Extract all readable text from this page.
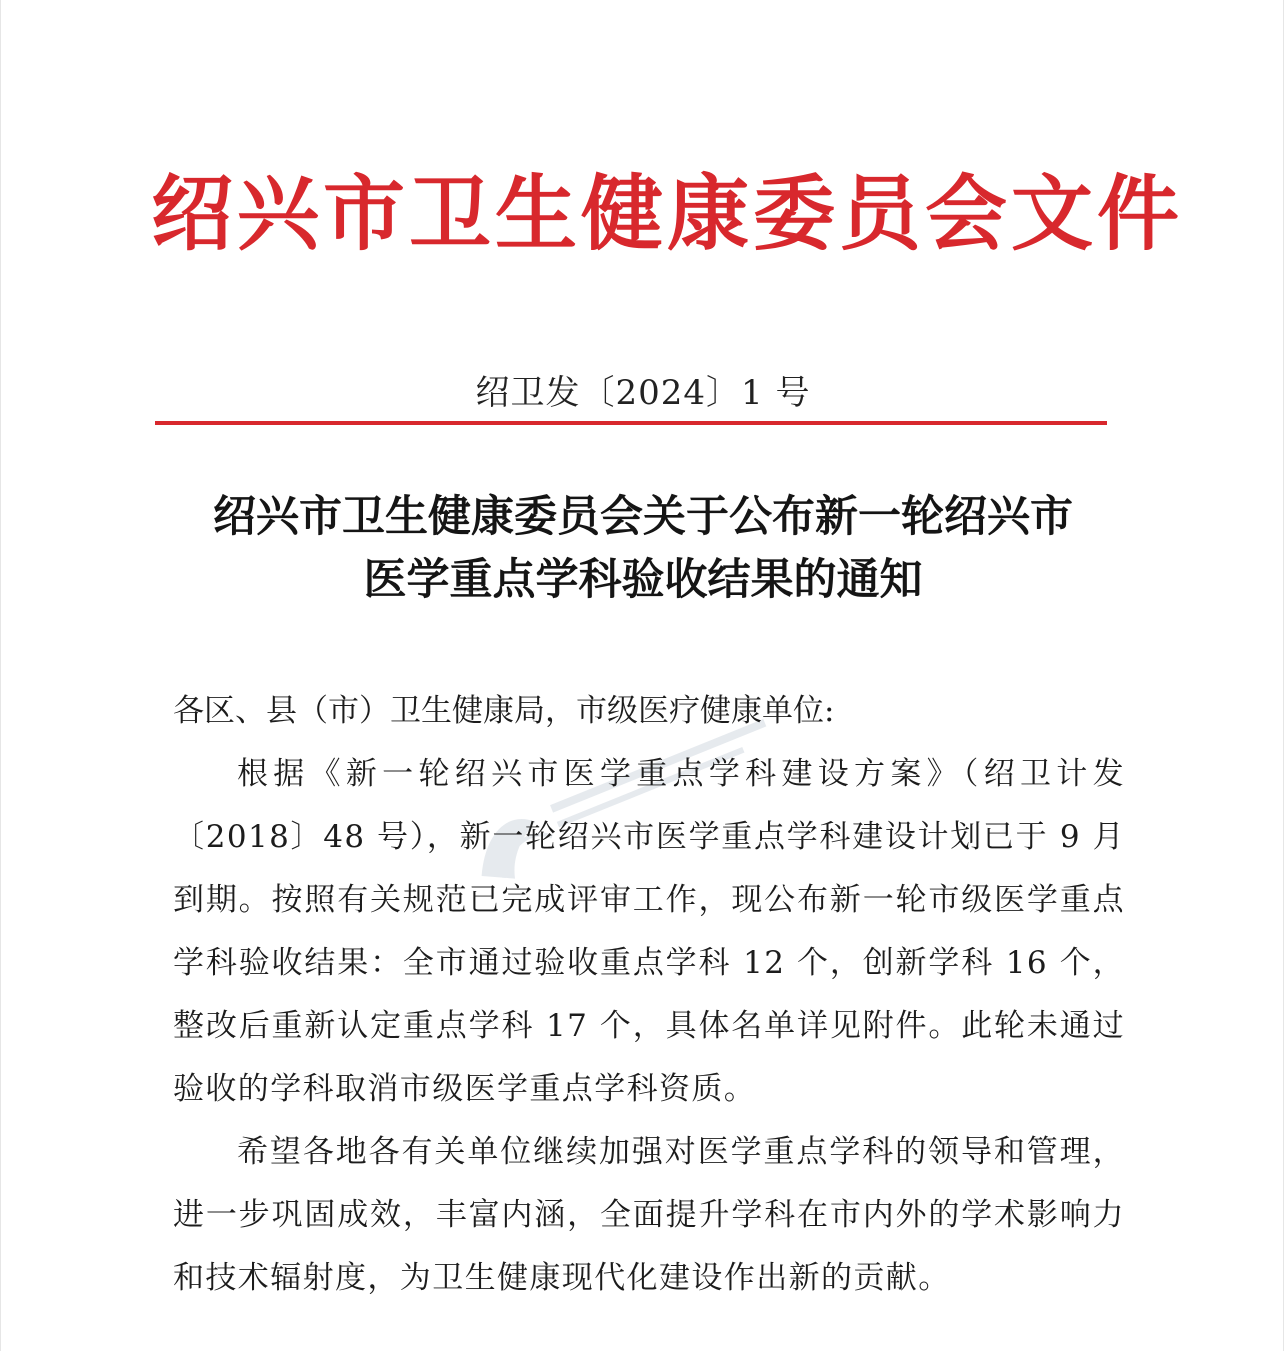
绍兴市卫生健康委员会文件
绍卫发〔2024〕1 号
绍兴市卫生健康委员会关于公布新一轮绍兴市
医学重点学科验收结果的通知

各区、县（市）卫生健康局，市级医疗健康单位:

根据《新一轮绍兴市医学重点学科建设方案》（绍卫计发〔2018〕48 号），新一轮绍兴市医学重点学科建设计划已于 9 月到期。按照有关规范已完成评审工作，现公布新一轮市级医学重点学科验收结果：全市通过验收重点学科 12 个，创新学科 16 个，整改后重新认定重点学科 17 个，具体名单详见附件。此轮未通过验收的学科取消市级医学重点学科资质。

希望各地各有关单位继续加强对医学重点学科的领导和管理，进一步巩固成效，丰富内涵，全面提升学科在市内外的学术影响力和技术辐射度，为卫生健康现代化建设作出新的贡献。
